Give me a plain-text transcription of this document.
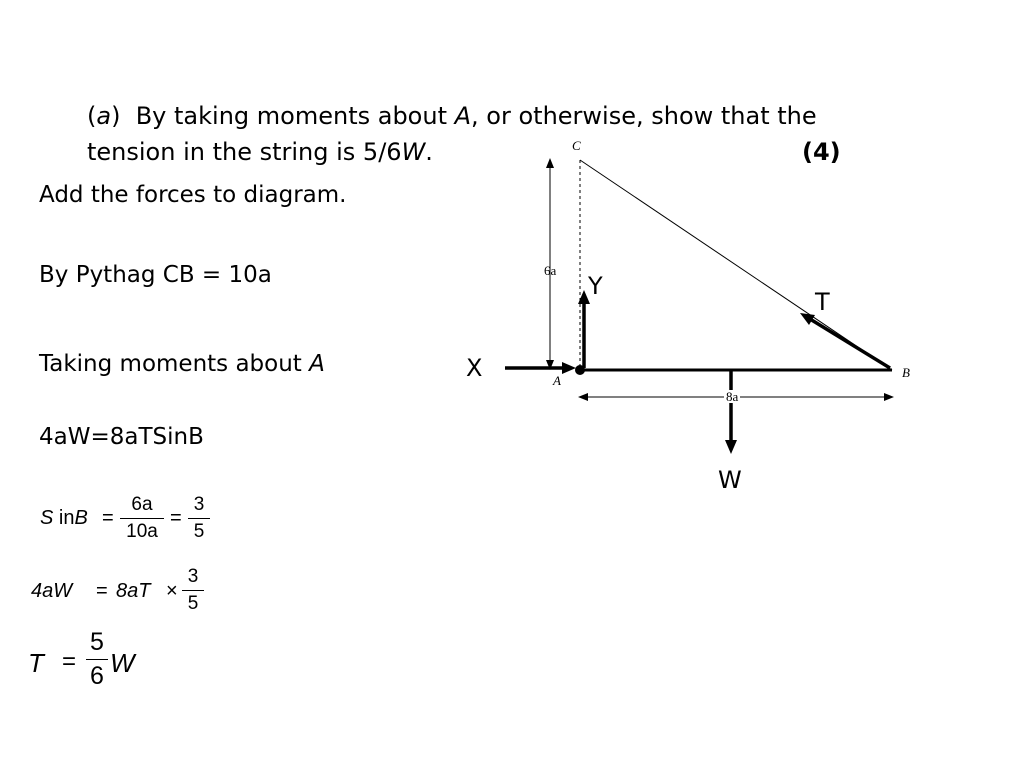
(a)  By taking moments about A, or otherwise, show that the
tension in the string is 5/6W.	(4)
Add the forces to diagram.
By Pythag CB = 10a
Taking moments about A
4aW=8aTSinB
S inB =
6a
10a
=
3
5
4aW = 8aT ×
3
5
T =
5
6 W
C
A
B
6a
8a
X
Y
T
W
